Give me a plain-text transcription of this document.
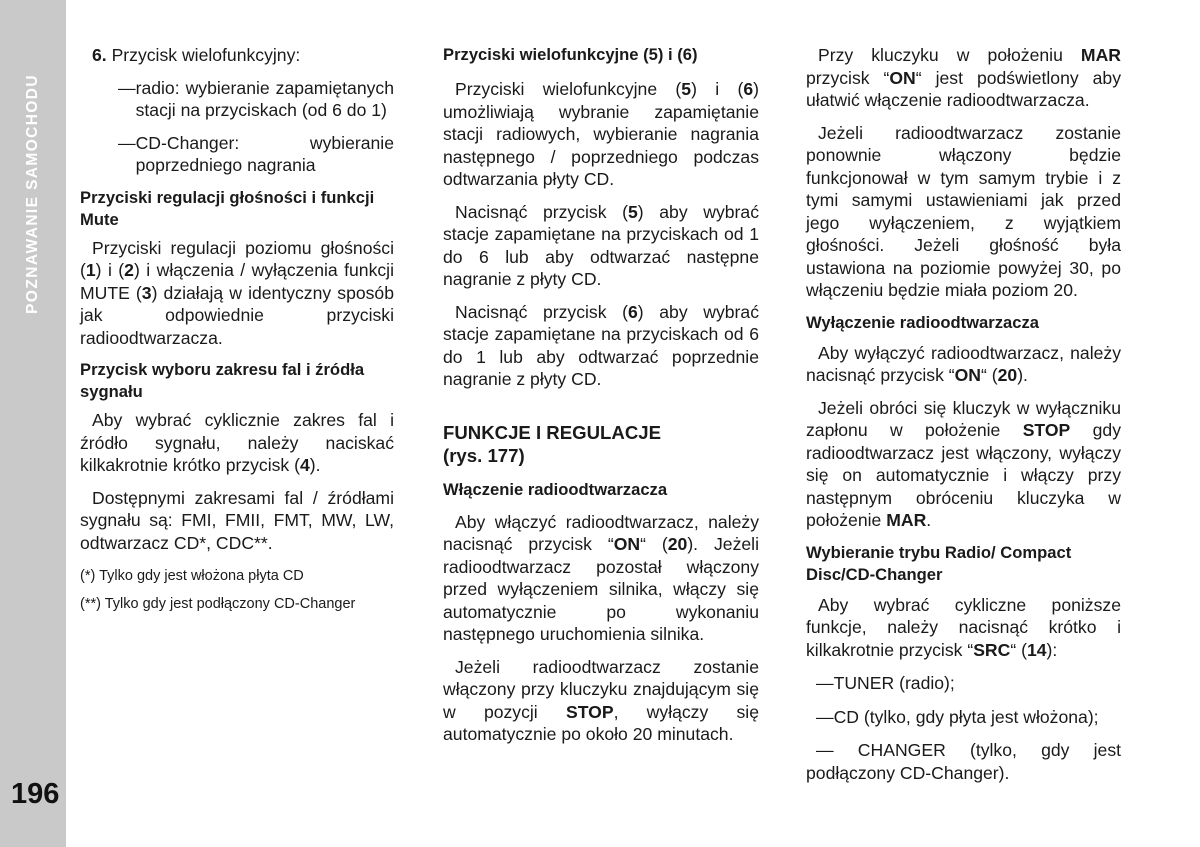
POZNAWANIE SAMOCHODU
196

6. Przycisk wielofunkcyjny:

— radio: wybieranie zapamiętanych stacji na przyciskach (od 6 do 1)
— CD-Changer: wybieranie poprzedniego nagrania

Przyciski regulacji głośności i funkcji Mute

Przyciski regulacji poziomu głośności (1) i (2) i włączenia / wyłączenia funkcji MUTE (3) działają w identyczny sposób jak odpowiednie przyciski radioodtwarzacza.

Przycisk wyboru zakresu fal i źródła sygnału

Aby wybrać cyklicznie zakres fal i źródło sygnału, należy naciskać kilkakrotnie krótko przycisk (4).

Dostępnymi zakresami fal / źródłami sygnału są: FMI, FMII, FMT, MW, LW, odtwarzacz CD*, CDC**.

(*) Tylko gdy jest włożona płyta CD

(**) Tylko gdy jest podłączony CD-Changer

Przyciski wielofunkcyjne (5) i (6)

Przyciski wielofunkcyjne (5) i (6) umożliwiają wybranie zapamiętanie stacji radiowych, wybieranie nagrania następnego / poprzedniego podczas odtwarzania płyty CD.

Nacisnąć przycisk (5) aby wybrać stacje zapamiętane na przyciskach od 1 do 6 lub aby odtwarzać następne nagranie z płyty CD.

Nacisnąć przycisk (6) aby wybrać stacje zapamiętane na przyciskach od 6 do 1 lub aby odtwarzać poprzednie nagranie z płyty CD.

FUNKCJE I REGULACJE
(rys. 177)

Włączenie radioodtwarzacza

Aby włączyć radioodtwarzacz, należy nacisnąć przycisk “ON“ (20). Jeżeli radioodtwarzacz pozostał włączony przed wyłączeniem silnika, włączy się automatycznie po wykonaniu następnego uruchomienia silnika.

Jeżeli radioodtwarzacz zostanie włączony przy kluczyku znajdującym się w pozycji STOP, wyłączy się automatycznie po około 20 minutach.

Przy kluczyku w położeniu MAR przycisk “ON“ jest podświetlony aby ułatwić włączenie radioodtwarzacza.

Jeżeli radioodtwarzacz zostanie ponownie włączony będzie funkcjonował w tym samym trybie i z tymi samymi ustawieniami jak przed jego wyłączeniem, z wyjątkiem głośności. Jeżeli głośność była ustawiona na poziomie powyżej 30, po włączeniu będzie miała poziom 20.

Wyłączenie radioodtwarzacza

Aby wyłączyć radioodtwarzacz, należy nacisnąć przycisk “ON“ (20).

Jeżeli obróci się kluczyk w wyłączniku zapłonu w położenie STOP gdy radioodtwarzacz jest włączony, wyłączy się on automatycznie i włączy przy następnym obróceniu kluczyka w położenie MAR.

Wybieranie trybu Radio/ Compact Disc/CD-Changer

Aby wybrać cykliczne poniższe funkcje, należy nacisnąć krótko i kilkakrotnie przycisk “SRC“ (14):

— TUNER (radio);
— CD (tylko, gdy płyta jest włożona);

— CHANGER (tylko, gdy jest podłączony CD-Changer).
